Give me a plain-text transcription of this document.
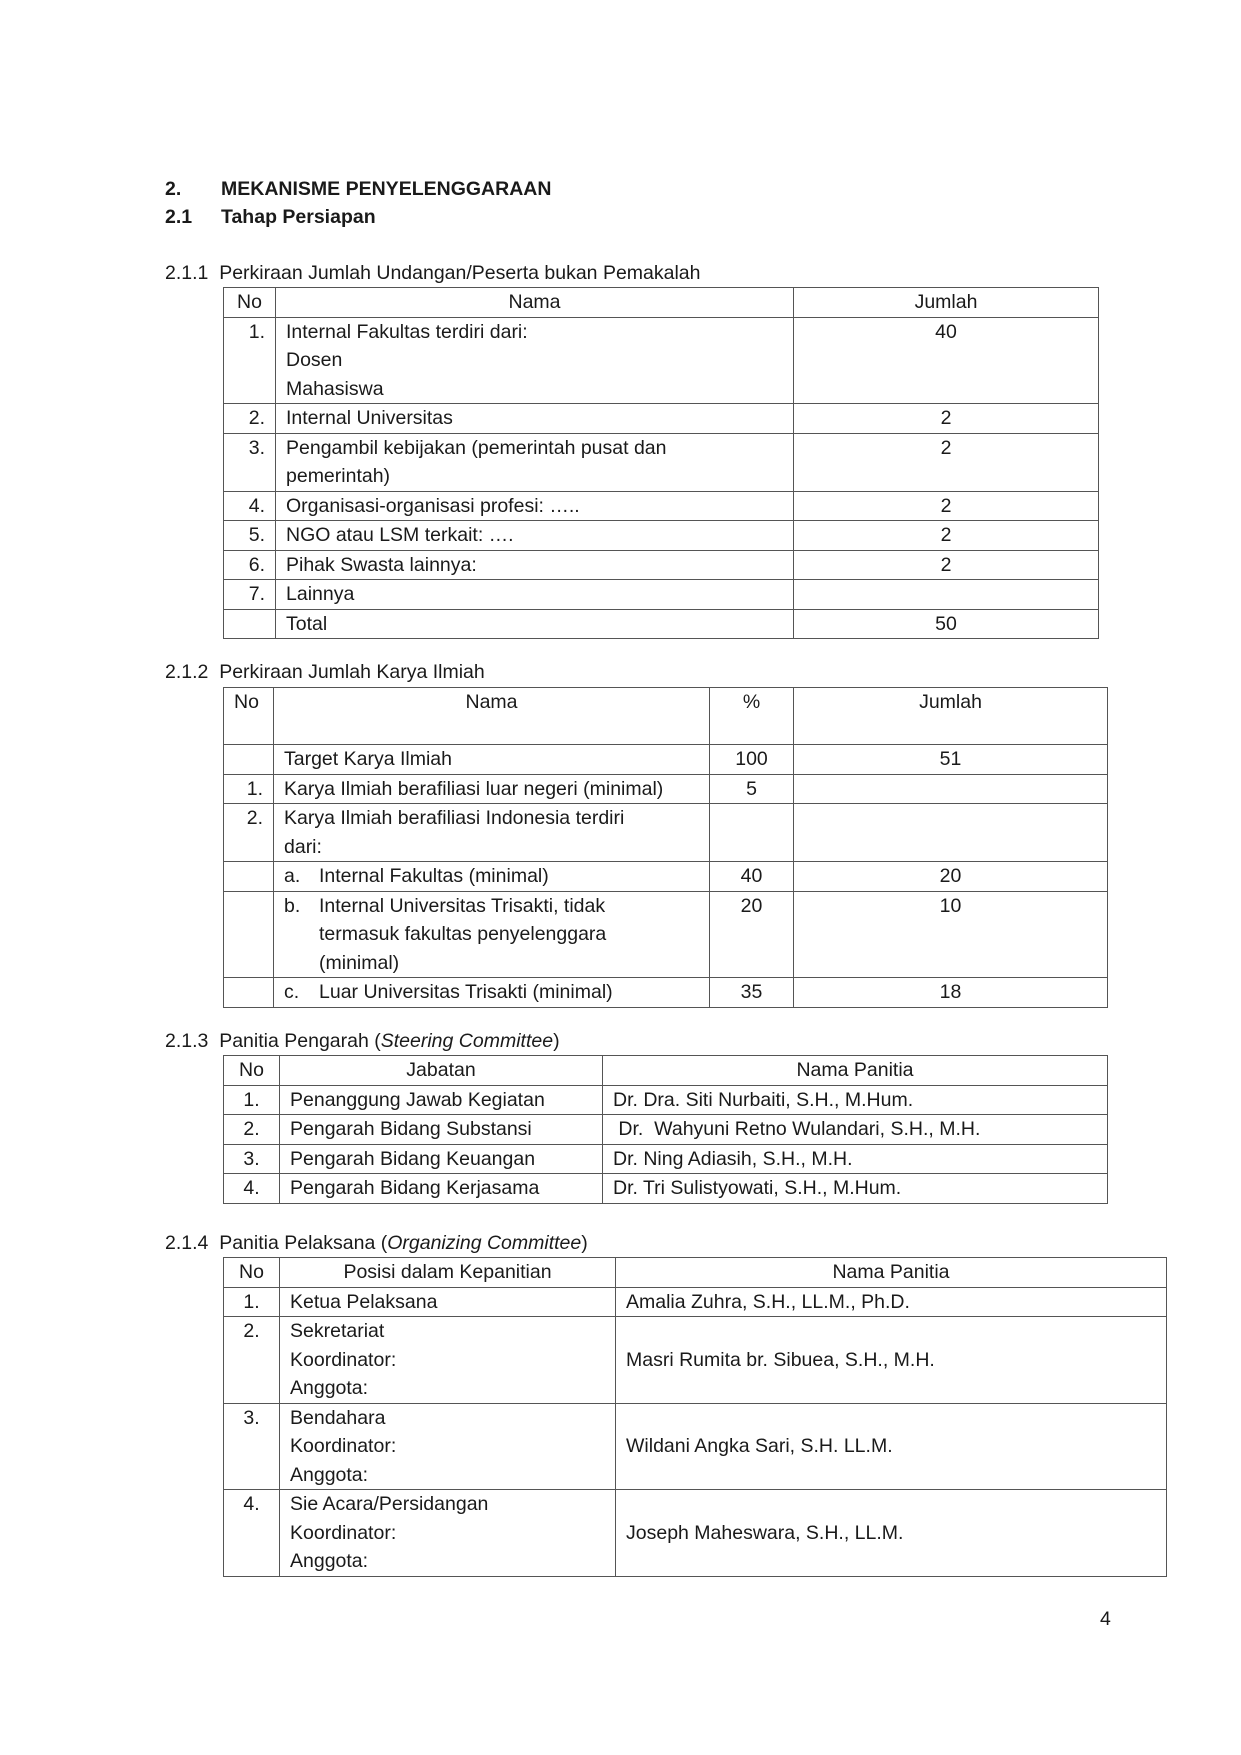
2. MEKANISME PENYELENGGARAAN
2.1 Tahap Persiapan
2.1.1  Perkiraan Jumlah Undangan/Peserta bukan Pemakalah
No	Nama	Jumlah
1.	Internal Fakultas terdiri dari:
Dosen
Mahasiswa	40
2.	Internal Universitas	2
3.	Pengambil kebijakan (pemerintah pusat dan
pemerintah)	2
4.	Organisasi-organisasi profesi: …..	2
5.	NGO atau LSM terkait: ….	2
6.	Pihak Swasta lainnya:	2
7.	Lainnya	
	Total	50
2.1.2  Perkiraan Jumlah Karya Ilmiah
No	Nama	%	Jumlah
	Target Karya Ilmiah	100	51
1.	Karya Ilmiah berafiliasi luar negeri (minimal)	5	
2.	Karya Ilmiah berafiliasi Indonesia terdiri
dari:		

	a. Internal Fakultas (minimal)	40	20

	b. Internal Universitas Trisakti, tidak
termasuk fakultas penyelenggara
(minimal)	20	10

	c. Luar Universitas Trisakti (minimal)	35	18
2.1.3  Panitia Pengarah (Steering Committee)
No	Jabatan	Nama Panitia
1.	Penanggung Jawab Kegiatan	Dr. Dra. Siti Nurbaiti, S.H., M.Hum.
2.	Pengarah Bidang Substansi	Dr.  Wahyuni Retno Wulandari, S.H., M.H.
3.	Pengarah Bidang Keuangan	Dr. Ning Adiasih, S.H., M.H.
4.	Pengarah Bidang Kerjasama	Dr. Tri Sulistyowati, S.H., M.Hum.
2.1.4  Panitia Pelaksana (Organizing Committee)
No	Posisi dalam Kepanitian	Nama Panitia
1.	Ketua Pelaksana	Amalia Zuhra, S.H., LL.M., Ph.D.
2.	Sekretariat
Koordinator:
Anggota:	Masri Rumita br. Sibuea, S.H., M.H.
3.	Bendahara
Koordinator:
Anggota:	Wildani Angka Sari, S.H. LL.M.
4.	Sie Acara/Persidangan
Koordinator:
Anggota:	Joseph Maheswara, S.H., LL.M.
4
